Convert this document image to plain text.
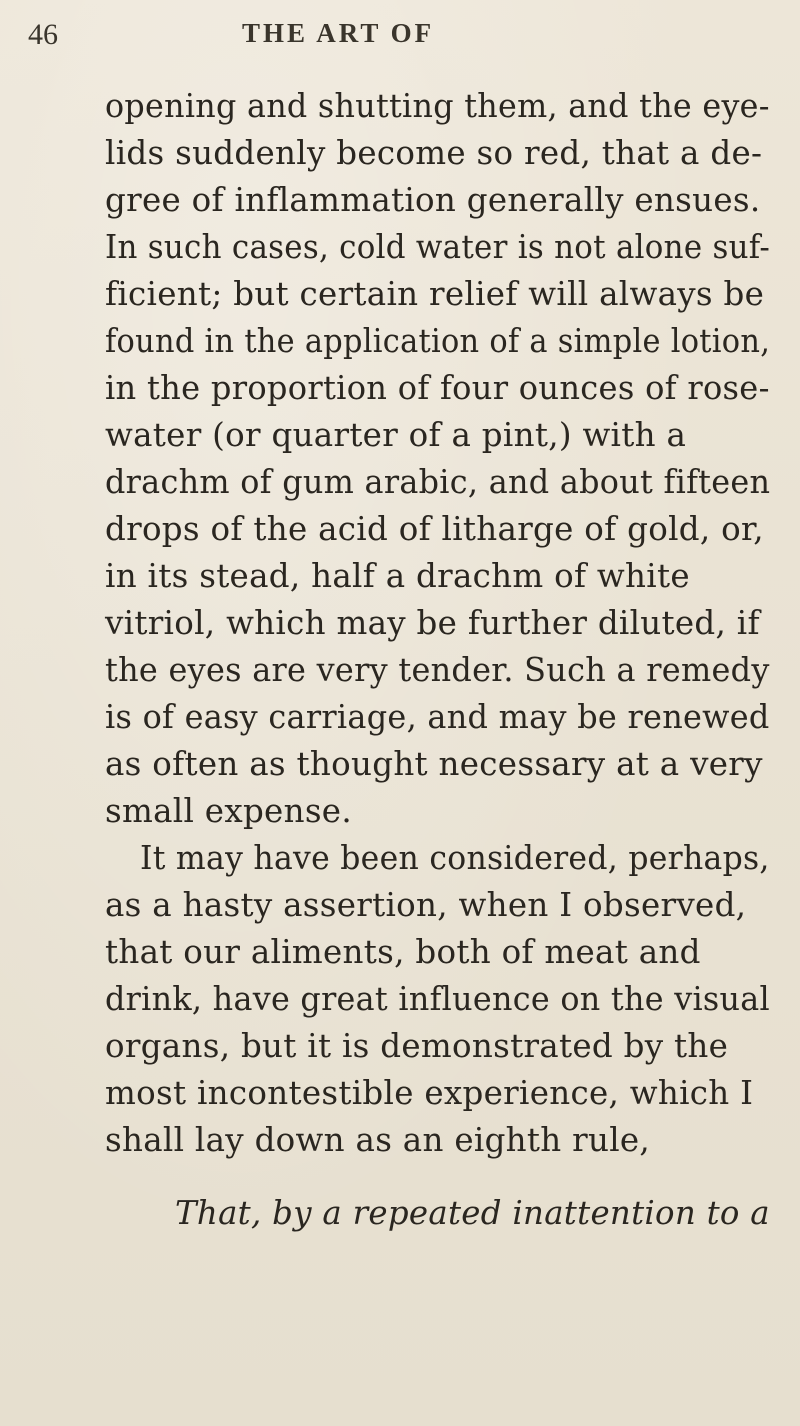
46	THE ART OF
opening and shutting them, and the eye-
lids suddenly become so red, that a de-
gree of inflammation generally ensues.
In such cases, cold water is not alone suf-
ficient; but certain relief will always be
found in the application of a simple lotion,
in the proportion of four ounces of rose-
water (or quarter of a pint,) with a
drachm of gum arabic, and about fifteen
drops of the acid of litharge of gold, or,
in its stead, half a drachm of white
vitriol, which may be further diluted, if
the eyes are very tender. Such a remedy
is of easy carriage, and may be renewed
as often as thought necessary at a very
small expense.
It may have been considered, perhaps,
as a hasty assertion, when I observed,
that our aliments, both of meat and
drink, have great influence on the visual
organs, but it is demonstrated by the
most incontestible experience, which I
shall lay down as an eighth rule,
That, by a repeated inattention to a
